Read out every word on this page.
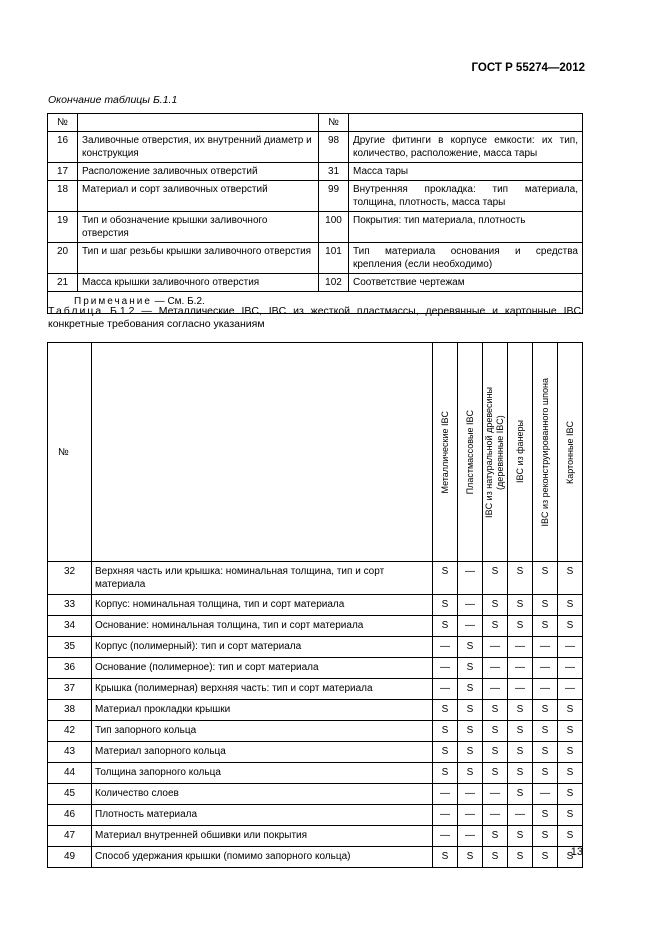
ГОСТ Р 55274—2012
Окончание таблицы Б.1.1
№		№	
16	Заливочные отверстия, их внутренний диаметр и конструкция	98	Другие фитинги в корпусе емкости: их тип, количество, расположение, масса тары
17	Расположение заливочных отверстий	31	Масса тары
18	Материал и сорт заливочных отверстий	99	Внутренняя прокладка: тип материала, толщина, плотность, масса тары
19	Тип и обозначение крышки заливочного отверстия	100	Покрытия: тип материала, плотность
20	Тип и шаг резьбы крышки заливочного отверстия	101	Тип материала основания и средства крепления (если необходимо)
21	Масса крышки заливочного отверстия	102	Соответствие чертежам
Примечание — См. Б.2.			
Таблица Б.1.2 — Металлические IBC, IBC из жесткой пластмассы, деревянные и картонные IBC: конкретные требования согласно указаниям
№		Металлические IBC	Пластмассовые IBC	IBC из натуральной древесины
(деревянные IBC)	IBC из фанеры	IBC из реконструированного шпона	Картонные IBC

32	Верхняя часть или крышка: номинальная толщина, тип и сорт материала	S	—	S	S	S	S
33	Корпус: номинальная толщина, тип и сорт материала	S	—	S	S	S	S
34	Основание: номинальная толщина, тип и сорт материала	S	—	S	S	S	S
35	Корпус (полимерный): тип и сорт материала	—	S	—	—	—	—
36	Основание (полимерное): тип и сорт материала	—	S	—	—	—	—
37	Крышка (полимерная) верхняя часть: тип и сорт материала	—	S	—	—	—	—
38	Материал прокладки крышки	S	S	S	S	S	S
42	Тип запорного кольца	S	S	S	S	S	S
43	Материал запорного кольца	S	S	S	S	S	S
44	Толщина запорного кольца	S	S	S	S	S	S
45	Количество слоев	—	—	—	S	—	S
46	Плотность материала	—	—	—	—	S	S
47	Материал внутренней обшивки или покрытия	—	—	S	S	S	S
49	Способ удержания крышки (помимо запорного кольца)	S	S	S	S	S	S
13
